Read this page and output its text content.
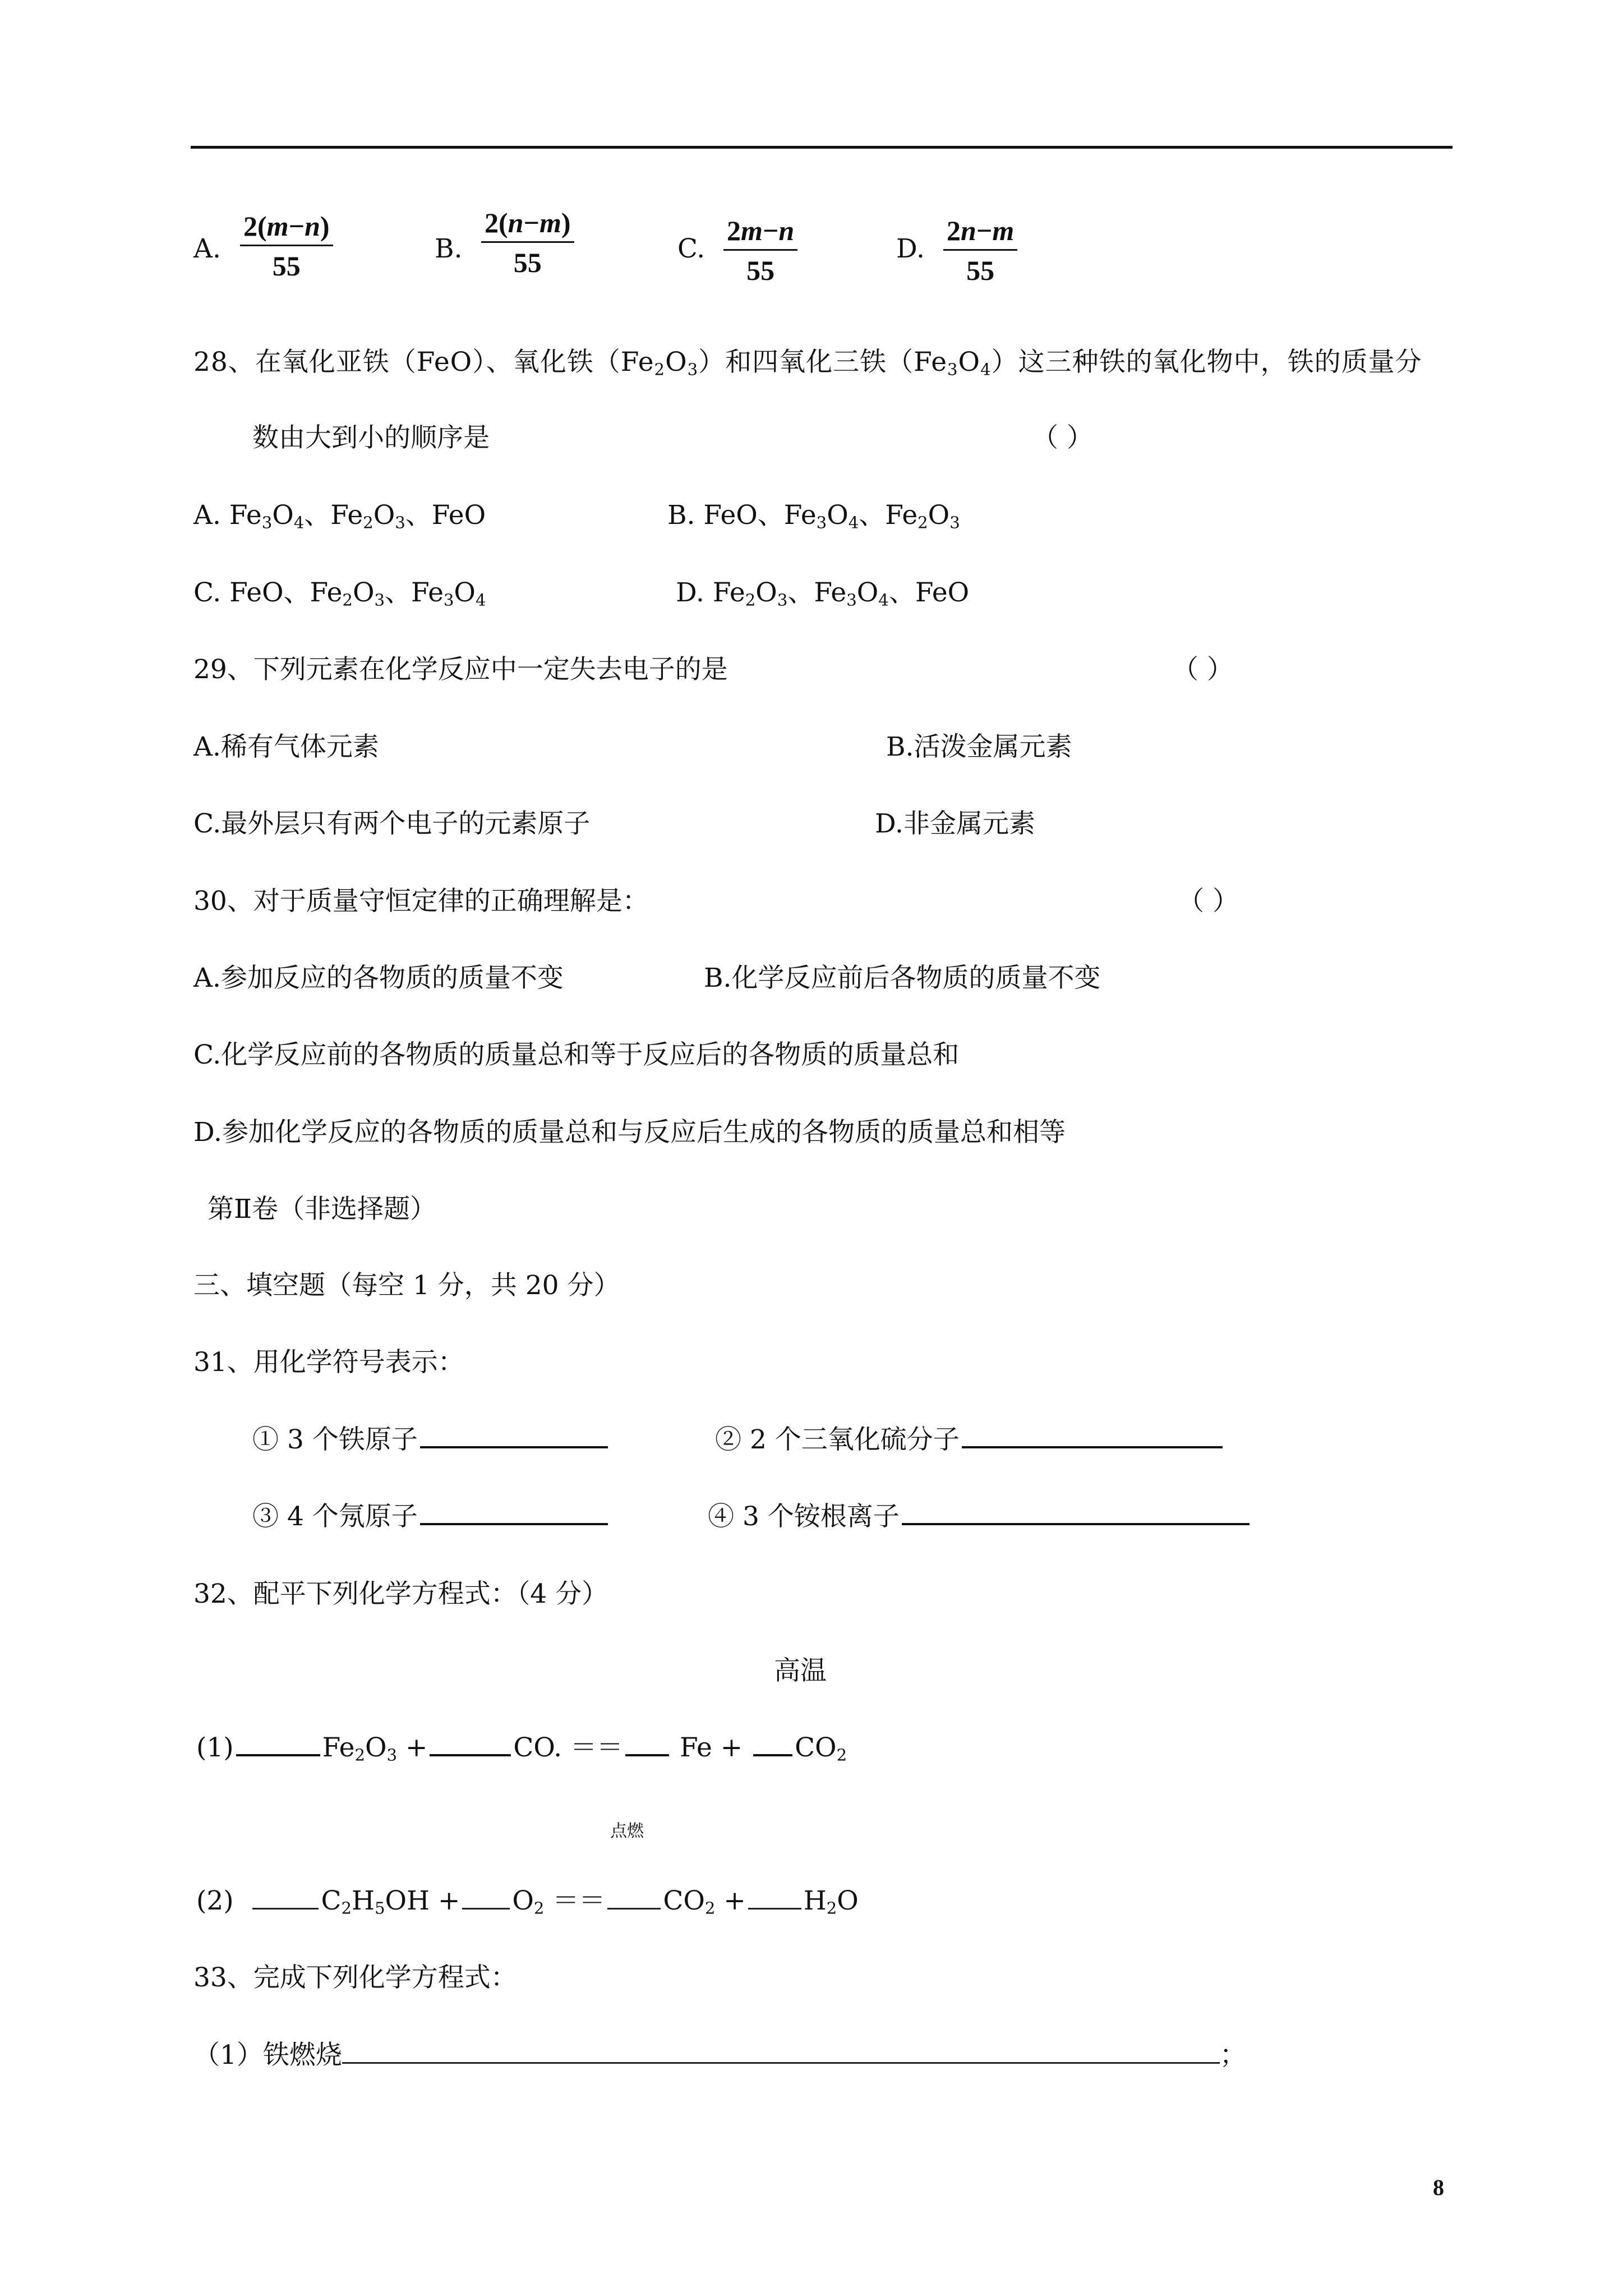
A. $\frac{2(m-n)}{55}$	B. $\frac{2(n-m)}{55}$	C. $\frac{2m-n}{55}$	D. $\frac{2n-m}{55}$
28、在氧化亚铁（FeO）、氧化铁$(Fe_2O_3)$和四氧化三铁$(Fe_3O_4)$这三种铁的氧化物中，铁的质量分
数由大到小的顺序是	（ ）
A. $Fe_3O_4$、$Fe_2O_3$、FeO	B. FeO、$Fe_3O_4$、$Fe_2O_3$
C. FeO、$Fe_2O_3$、$Fe_3O_4$	D. $Fe_2O_3$、$Fe_3O_4$、FeO
29、下列元素在化学反应中一定失去电子的是	（ ）
A.稀有气体元素	B.活泼金属元素
C.最外层只有两个电子的元素原子	D.非金属元素
30、对于质量守恒定律的正确理解是：	（ ）
A.参加反应的各物质的质量不变	B.化学反应前后各物质的质量不变
C.化学反应前的各物质的质量总和等于反应后的各物质的质量总和
D.参加化学反应的各物质的质量总和与反应后生成的各物质的质量总和相等
第Ⅱ卷（非选择题）
三、填空题（每空 1 分，共 20 分）
31、用化学符号表示：
① 3 个铁原子	② 2 个三氧化硫分子
③ 4 个氖原子	④ 3 个铵根离子
32、配平下列化学方程式：（4 分）
高温
(1)	$Fe_2O_3$ +	CO. ＝＝ $Fe + CO_2$
点燃
(2)	$C_2H_5OH + O_2 == CO_2 + H_2O$
33、完成下列化学方程式：
（1）铁燃烧	；
8
